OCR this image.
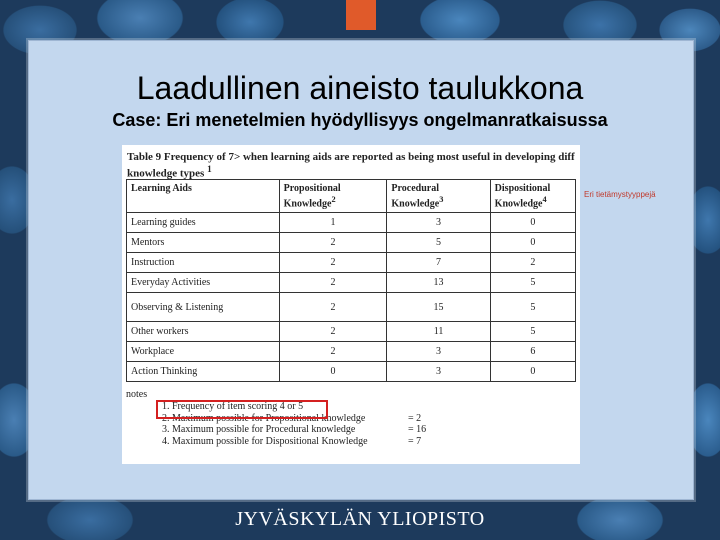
Laadullinen aineisto taulukkona
Case: Eri menetelmien hyödyllisyys ongelmanratkaisussa
Table 9 Frequency of 7> when learning aids are reported as being most useful in developing diff
knowledge types $^1$
Learning Aids	Propositional Knowledge$^2$	Procedural Knowledge$^3$	Dispositional Knowledge$^4$
Learning guides	1	3	0
Mentors	2	5	0
Instruction	2	7	2
Everyday Activities	2	13	5
Observing & Listening	2	15	5
Other workers	2	11	5
Workplace	2	3	6
Action Thinking	0	3	0
notes
1. Frequency of item scoring 4 or 5
2. Maximum possible for Propositional knowledge	= 2
3. Maximum possible for Procedural knowledge	= 16
4. Maximum possible for Dispositional Knowledge	= 7
Eri tietämystyyppejä
JYVÄSKYLÄN YLIOPISTO
